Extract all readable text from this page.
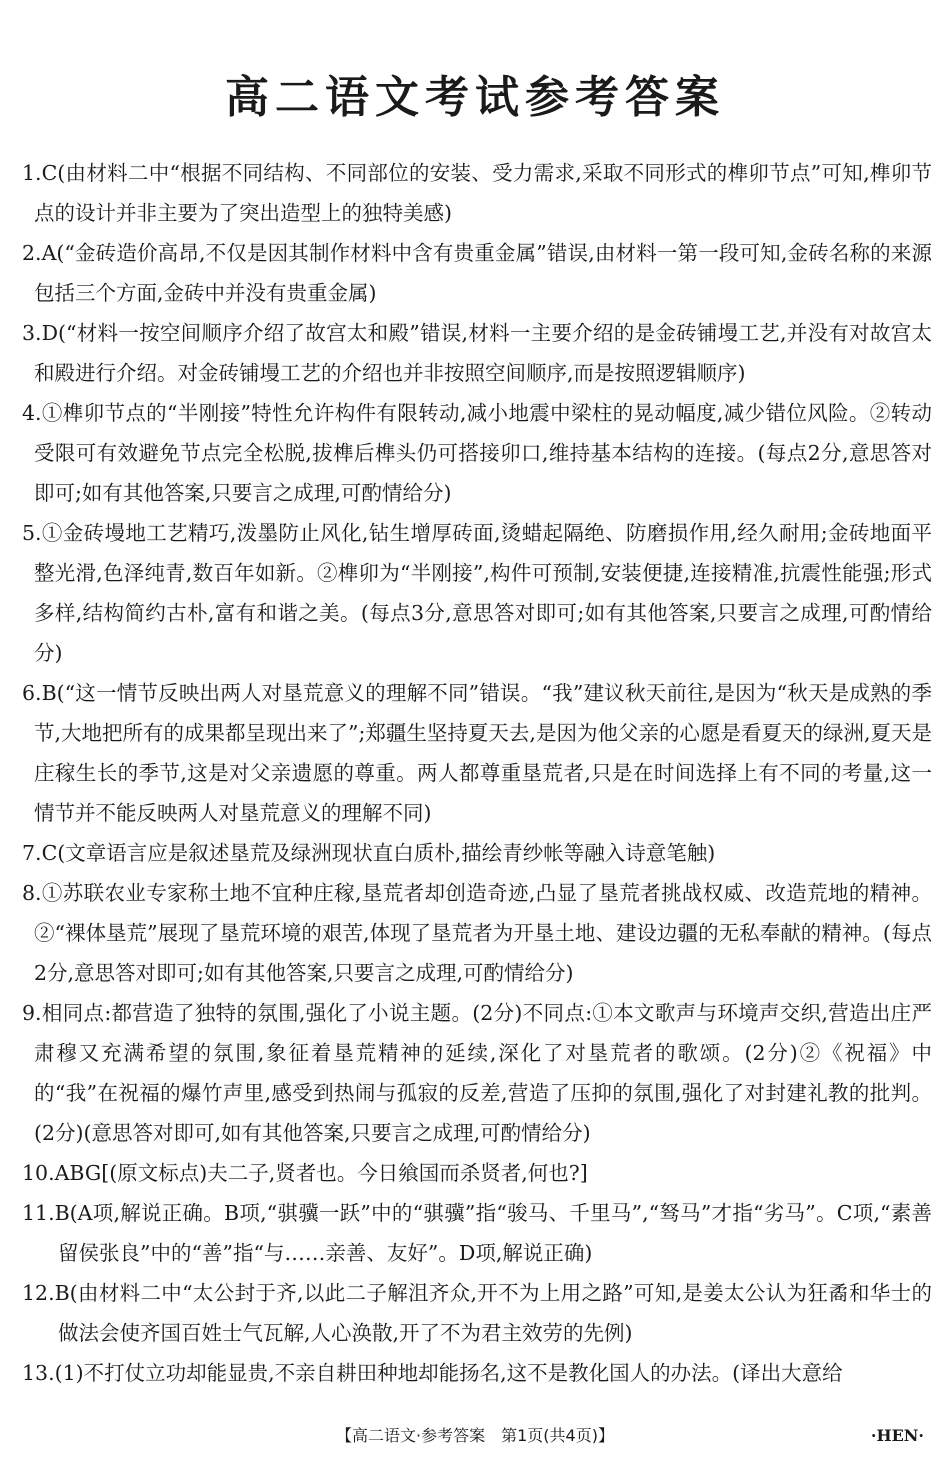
高二语文考试参考答案

1.C(由材料二中“根据不同结构、不同部位的安装、受力需求,采取不同形式的榫卯节点”可知,榫卯节点的设计并非主要为了突出造型上的独特美感)

2.A(“金砖造价高昂,不仅是因其制作材料中含有贵重金属”错误,由材料一第一段可知,金砖名称的来源包括三个方面,金砖中并没有贵重金属)

3.D(“材料一按空间顺序介绍了故宫太和殿”错误,材料一主要介绍的是金砖铺墁工艺,并没有对故宫太和殿进行介绍。对金砖铺墁工艺的介绍也并非按照空间顺序,而是按照逻辑顺序)

4.①榫卯节点的“半刚接”特性允许构件有限转动,减小地震中梁柱的晃动幅度,减少错位风险。②转动受限可有效避免节点完全松脱,拔榫后榫头仍可搭接卯口,维持基本结构的连接。(每点2分,意思答对即可;如有其他答案,只要言之成理,可酌情给分)

5.①金砖墁地工艺精巧,泼墨防止风化,钻生增厚砖面,烫蜡起隔绝、防磨损作用,经久耐用;金砖地面平整光滑,色泽纯青,数百年如新。②榫卯为“半刚接”,构件可预制,安装便捷,连接精准,抗震性能强;形式多样,结构简约古朴,富有和谐之美。(每点3分,意思答对即可;如有其他答案,只要言之成理,可酌情给分)

6.B(“这一情节反映出两人对垦荒意义的理解不同”错误。“我”建议秋天前往,是因为“秋天是成熟的季节,大地把所有的成果都呈现出来了”;郑疆生坚持夏天去,是因为他父亲的心愿是看夏天的绿洲,夏天是庄稼生长的季节,这是对父亲遗愿的尊重。两人都尊重垦荒者,只是在时间选择上有不同的考量,这一情节并不能反映两人对垦荒意义的理解不同)

7.C(文章语言应是叙述垦荒及绿洲现状直白质朴,描绘青纱帐等融入诗意笔触)

8.①苏联农业专家称土地不宜种庄稼,垦荒者却创造奇迹,凸显了垦荒者挑战权威、改造荒地的精神。②“裸体垦荒”展现了垦荒环境的艰苦,体现了垦荒者为开垦土地、建设边疆的无私奉献的精神。(每点2分,意思答对即可;如有其他答案,只要言之成理,可酌情给分)

9.相同点:都营造了独特的氛围,强化了小说主题。(2分)不同点:①本文歌声与环境声交织,营造出庄严肃穆又充满希望的氛围,象征着垦荒精神的延续,深化了对垦荒者的歌颂。(2分)②《祝福》中的“我”在祝福的爆竹声里,感受到热闹与孤寂的反差,营造了压抑的氛围,强化了对封建礼教的批判。(2分)(意思答对即可,如有其他答案,只要言之成理,可酌情给分)

10.ABG[(原文标点)夫二子,贤者也。今日飨国而杀贤者,何也?]

11.B(A项,解说正确。B项,“骐骥一跃”中的“骐骥”指“骏马、千里马”,“驽马”才指“劣马”。C项,“素善留侯张良”中的“善”指“与……亲善、友好”。D项,解说正确)

12.B(由材料二中“太公封于齐,以此二子解沮齐众,开不为上用之路”可知,是姜太公认为狂矞和华士的做法会使齐国百姓士气瓦解,人心涣散,开了不为君主效劳的先例)

13.(1)不打仗立功却能显贵,不亲自耕田种地却能扬名,这不是教化国人的办法。(译出大意给

【高二语文·参考答案　第1页(共4页)】	·HEN·
